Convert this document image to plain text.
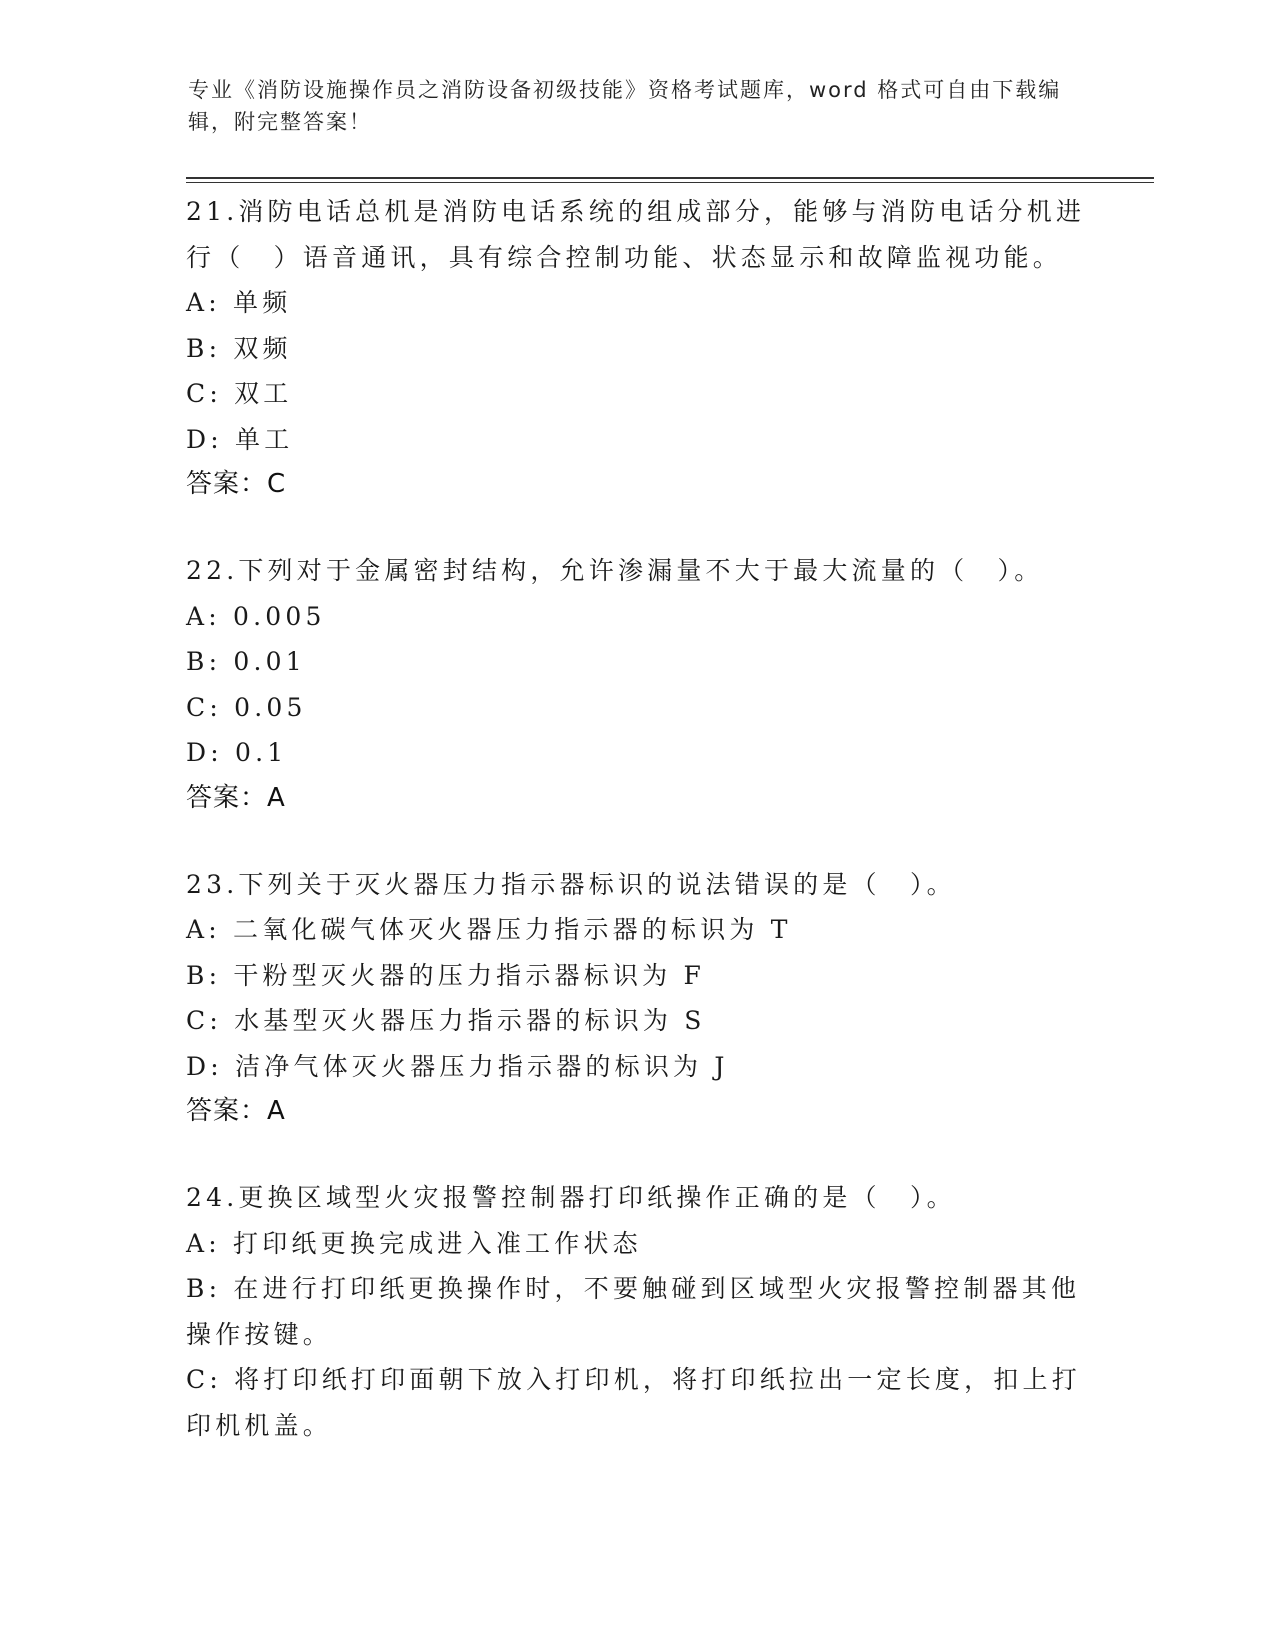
专业《消防设施操作员之消防设备初级技能》资格考试题库，word 格式可自由下载编辑，附完整答案！

21.消防电话总机是消防电话系统的组成部分，能够与消防电话分机进行（　）语音通讯，具有综合控制功能、状态显示和故障监视功能。

A: 单频

B: 双频

C: 双工

D: 单工

答案：C

22.下列对于金属密封结构，允许渗漏量不大于最大流量的（　）。

A: 0.005

B: 0.01

C: 0.05

D: 0.1

答案：A

23.下列关于灭火器压力指示器标识的说法错误的是（　）。

A: 二氧化碳气体灭火器压力指示器的标识为 T

B: 干粉型灭火器的压力指示器标识为 F

C: 水基型灭火器压力指示器的标识为 S

D: 洁净气体灭火器压力指示器的标识为 J

答案：A

24.更换区域型火灾报警控制器打印纸操作正确的是（　）。

A: 打印纸更换完成进入准工作状态

B: 在进行打印纸更换操作时，不要触碰到区域型火灾报警控制器其他操作按键。

C: 将打印纸打印面朝下放入打印机，将打印纸拉出一定长度，扣上打印机机盖。
